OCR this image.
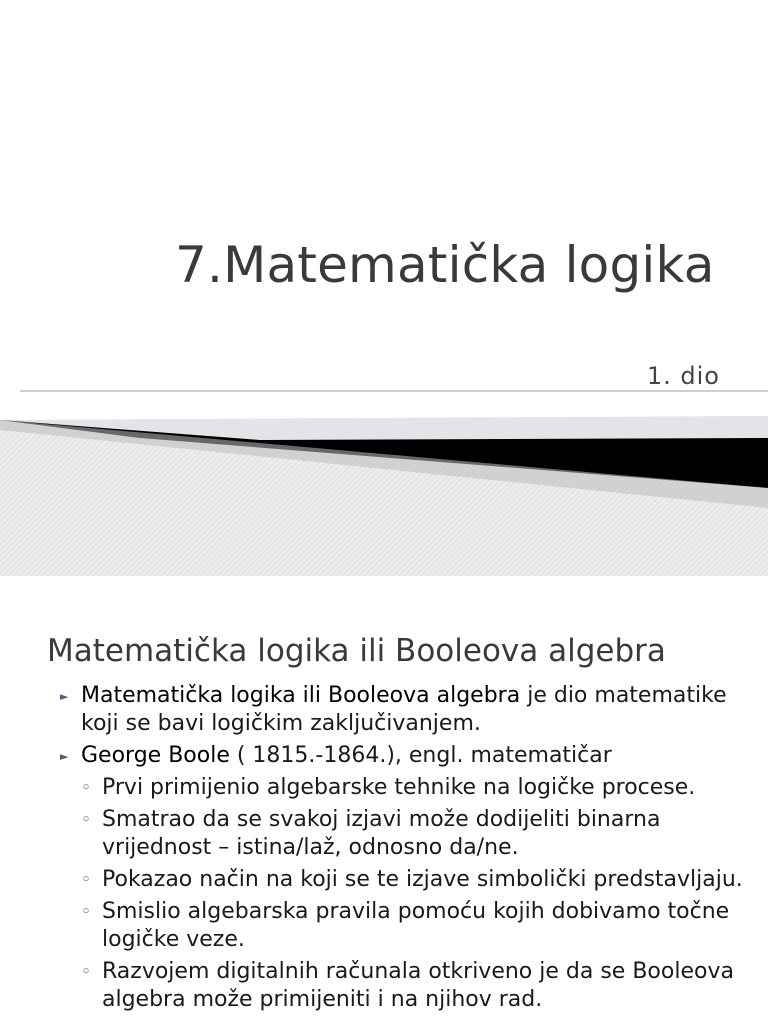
7.Matematička logika
1. dio
Matematička logika ili Booleova algebra
► Matematička logika ili Booleova algebra je dio matematike koji se bavi logičkim zaključivanjem.
► George Boole ( 1815.-1864.), engl. matematičar
◦ Prvi primijenio algebarske tehnike na logičke procese.
◦ Smatrao da se svakoj izjavi može dodijeliti binarna vrijednost – istina/laž, odnosno da/ne.
◦ Pokazao način na koji se te izjave simbolički predstavljaju.
◦ Smislio algebarska pravila pomoću kojih dobivamo točne logičke veze.
◦ Razvojem digitalnih računala otkriveno je da se Booleova algebra može primijeniti i na njihov rad.
